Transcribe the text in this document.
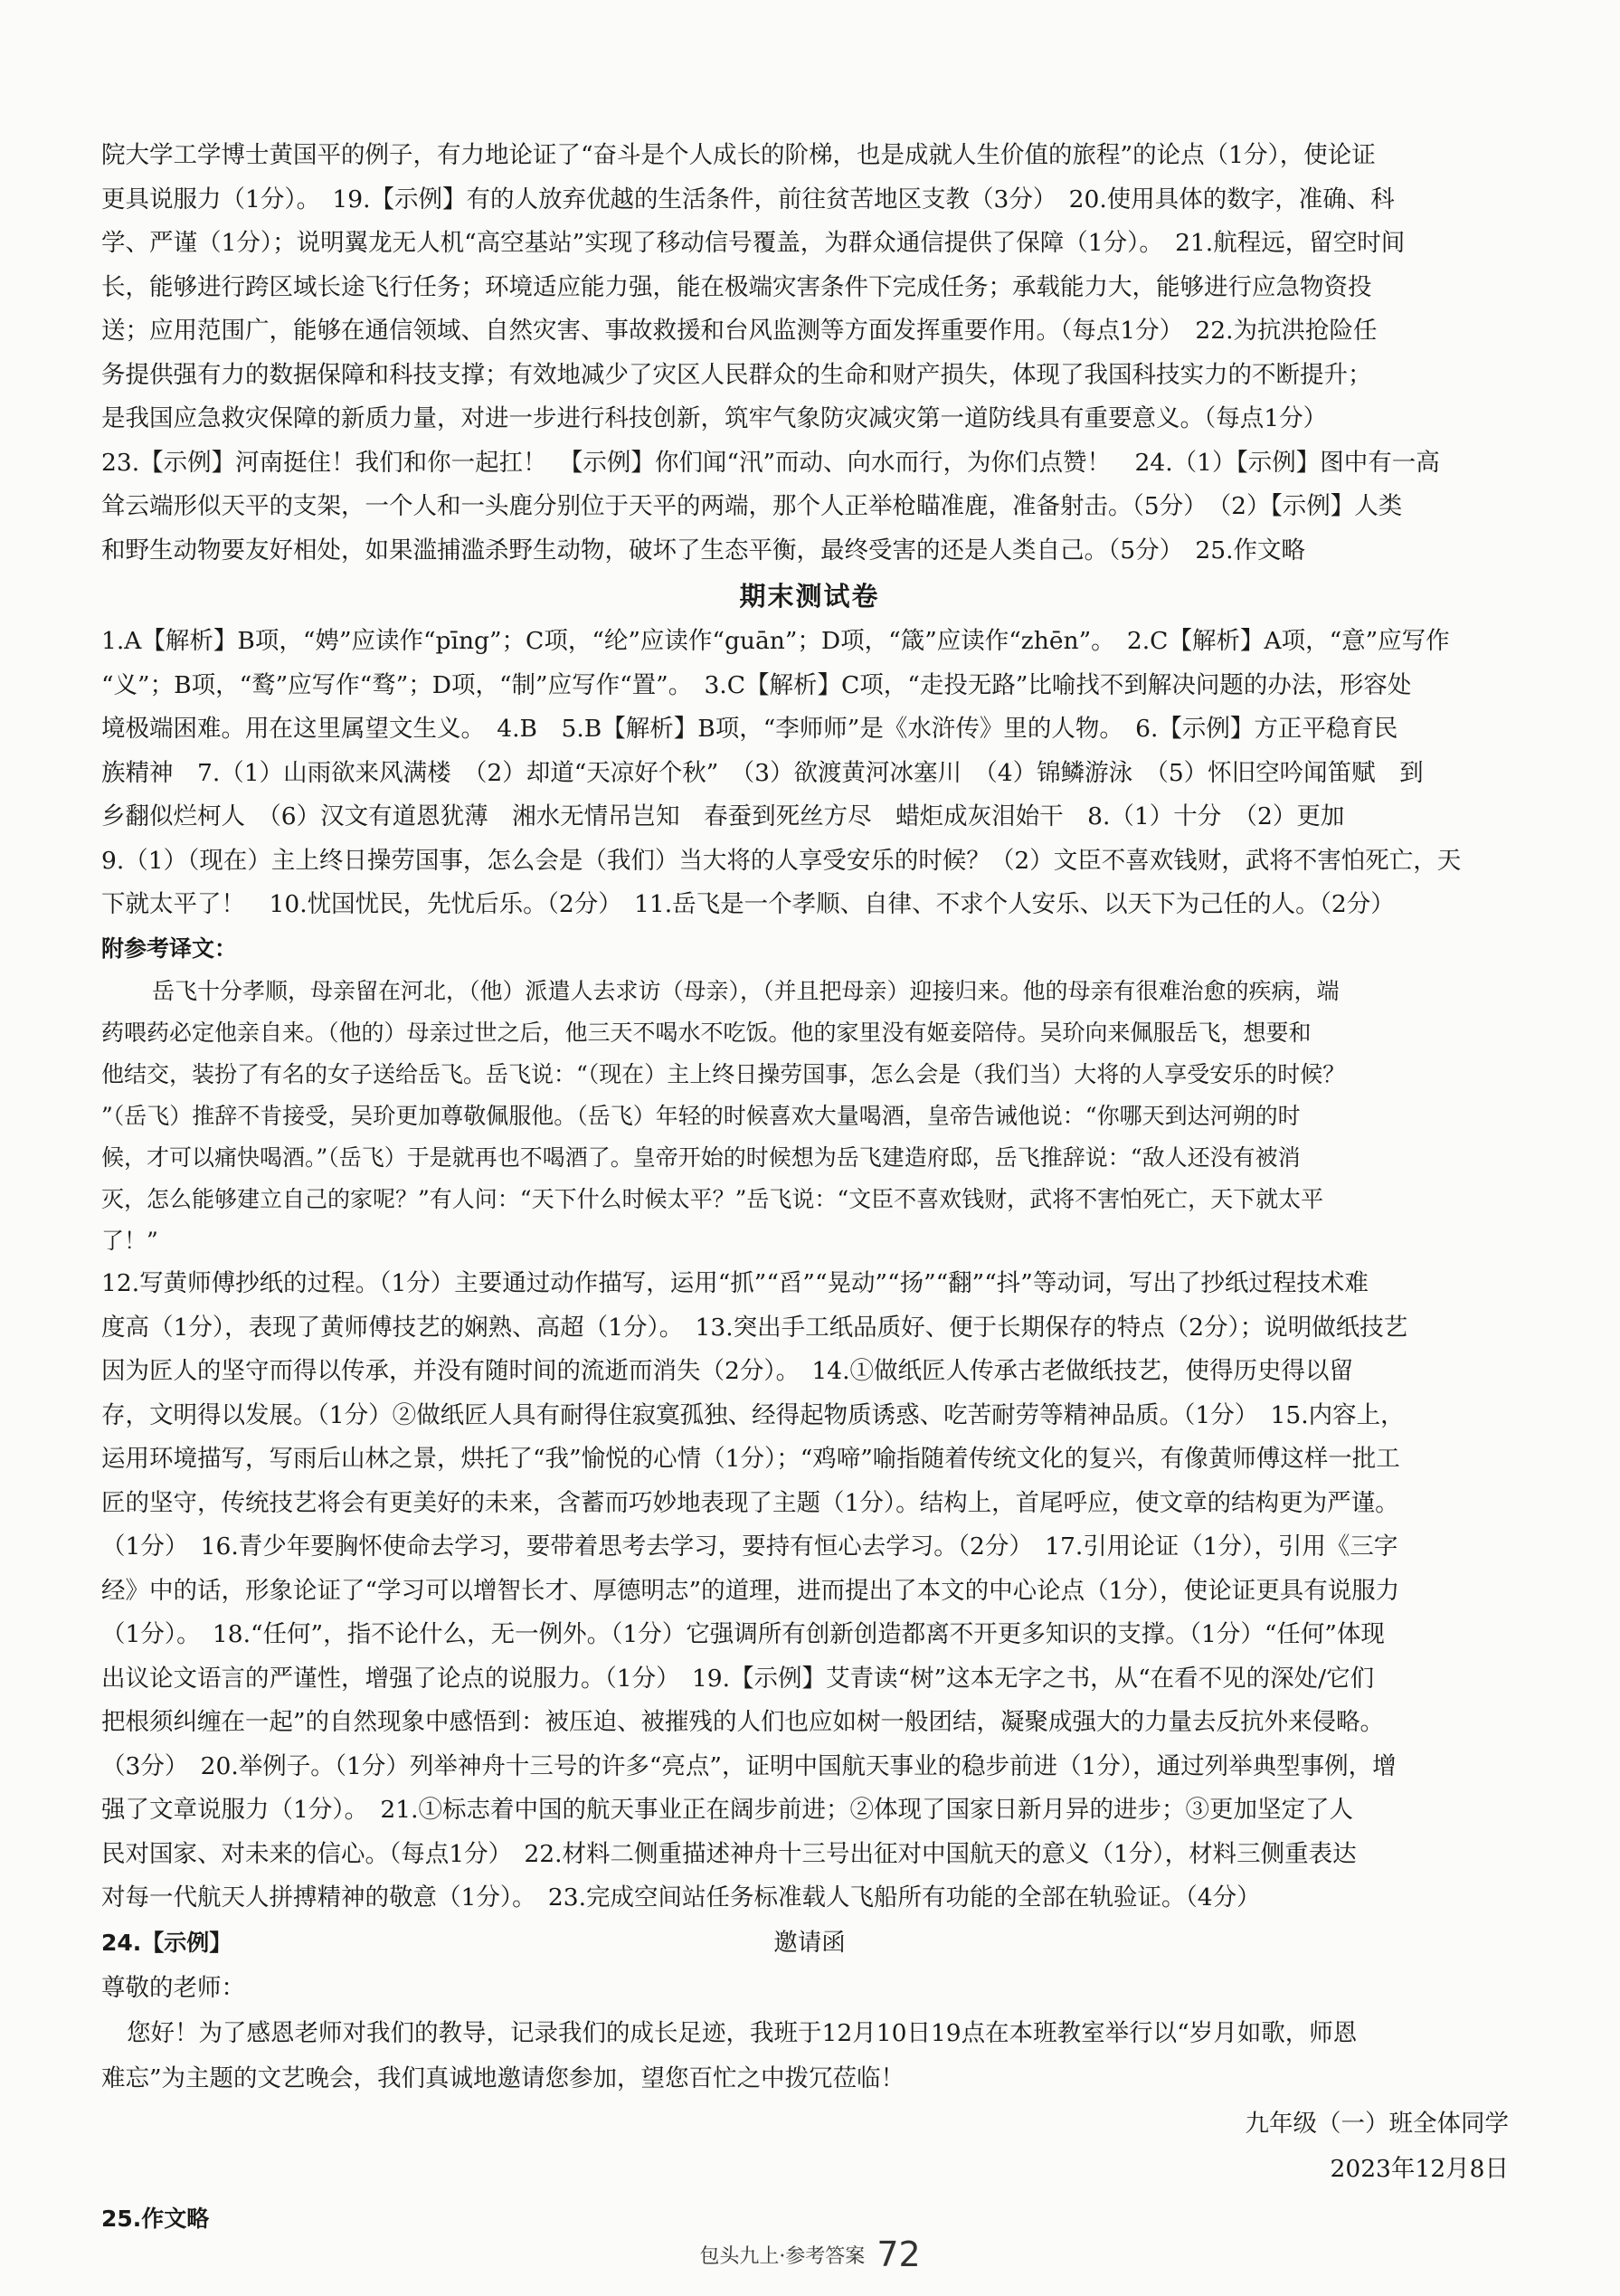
院大学工学博士黄国平的例子，有力地论证了“奋斗是个人成长的阶梯，也是成就人生价值的旅程”的论点（1分），使论证
更具说服力（1分）。　19.【示例】有的人放弃优越的生活条件，前往贫苦地区支教（3分）　20.使用具体的数字，准确、科
学、严谨（1分）；说明翼龙无人机“高空基站”实现了移动信号覆盖，为群众通信提供了保障（1分）。　21.航程远，留空时间
长，能够进行跨区域长途飞行任务；环境适应能力强，能在极端灾害条件下完成任务；承载能力大，能够进行应急物资投
送；应用范围广，能够在通信领域、自然灾害、事故救援和台风监测等方面发挥重要作用。（每点1分）　22.为抗洪抢险任
务提供强有力的数据保障和科技支撑；有效地减少了灾区人民群众的生命和财产损失，体现了我国科技实力的不断提升；
是我国应急救灾保障的新质力量，对进一步进行科技创新，筑牢气象防灾减灾第一道防线具有重要意义。（每点1分）
23.【示例】河南挺住！我们和你一起扛！　【示例】你们闻“汛”而动、向水而行，为你们点赞！　24.（1）【示例】图中有一高
耸云端形似天平的支架，一个人和一头鹿分别位于天平的两端，那个人正举枪瞄准鹿，准备射击。（5分）　（2）【示例】人类
和野生动物要友好相处，如果滥捕滥杀野生动物，破坏了生态平衡，最终受害的还是人类自己。（5分）　25.作文略
期末测试卷
1.A【解析】B项，“娉”应读作“pīng”；C项，“纶”应读作“guān”；D项，“箴”应读作“zhēn”。　2.C【解析】A项，“意”应写作
“义”；B项，“鹜”应写作“骛”；D项，“制”应写作“置”。　3.C【解析】C项，“走投无路”比喻找不到解决问题的办法，形容处
境极端困难。用在这里属望文生义。　4.B　5.B【解析】B项，“李师师”是《水浒传》里的人物。　6.【示例】方正平稳育民
族精神　7.（1）山雨欲来风满楼　（2）却道“天凉好个秋”　（3）欲渡黄河冰塞川　（4）锦鳞游泳　（5）怀旧空吟闻笛赋　到
乡翻似烂柯人　（6）汉文有道恩犹薄　湘水无情吊岂知　春蚕到死丝方尽　蜡炬成灰泪始干　8.（1）十分　（2）更加
9.（1）（现在）主上终日操劳国事，怎么会是（我们）当大将的人享受安乐的时候？（2）文臣不喜欢钱财，武将不害怕死亡，天
下就太平了！　10.忧国忧民，先忧后乐。（2分）　11.岳飞是一个孝顺、自律、不求个人安乐、以天下为己任的人。（2分）
附参考译文：
岳飞十分孝顺，母亲留在河北，（他）派遣人去求访（母亲），（并且把母亲）迎接归来。他的母亲有很难治愈的疾病，端
药喂药必定他亲自来。（他的）母亲过世之后，他三天不喝水不吃饭。他的家里没有姬妾陪侍。吴玠向来佩服岳飞，想要和
他结交，装扮了有名的女子送给岳飞。岳飞说：“（现在）主上终日操劳国事，怎么会是（我们当）大将的人享受安乐的时候？
”（岳飞）推辞不肯接受，吴玠更加尊敬佩服他。（岳飞）年轻的时候喜欢大量喝酒，皇帝告诫他说：“你哪天到达河朔的时
候，才可以痛快喝酒。”（岳飞）于是就再也不喝酒了。皇帝开始的时候想为岳飞建造府邸，岳飞推辞说：“敌人还没有被消
灭，怎么能够建立自己的家呢？”有人问：“天下什么时候太平？”岳飞说：“文臣不喜欢钱财，武将不害怕死亡，天下就太平
了！”
12.写黄师傅抄纸的过程。（1分）主要通过动作描写，运用“抓”“舀”“晃动”“扬”“翻”“抖”等动词，写出了抄纸过程技术难
度高（1分），表现了黄师傅技艺的娴熟、高超（1分）。　13.突出手工纸品质好、便于长期保存的特点（2分）；说明做纸技艺
因为匠人的坚守而得以传承，并没有随时间的流逝而消失（2分）。　14.①做纸匠人传承古老做纸技艺，使得历史得以留
存，文明得以发展。（1分）②做纸匠人具有耐得住寂寞孤独、经得起物质诱惑、吃苦耐劳等精神品质。（1分）　15.内容上，
运用环境描写，写雨后山林之景，烘托了“我”愉悦的心情（1分）；“鸡啼”喻指随着传统文化的复兴，有像黄师傅这样一批工
匠的坚守，传统技艺将会有更美好的未来，含蓄而巧妙地表现了主题（1分）。结构上，首尾呼应，使文章的结构更为严谨。
（1分）　16.青少年要胸怀使命去学习，要带着思考去学习，要持有恒心去学习。（2分）　17.引用论证（1分），引用《三字
经》中的话，形象论证了“学习可以增智长才、厚德明志”的道理，进而提出了本文的中心论点（1分），使论证更具有说服力
（1分）。　18.“任何”，指不论什么，无一例外。（1分）它强调所有创新创造都离不开更多知识的支撑。（1分）“任何”体现
出议论文语言的严谨性，增强了论点的说服力。（1分）　19.【示例】艾青读“树”这本无字之书，从“在看不见的深处/它们
把根须纠缠在一起”的自然现象中感悟到：被压迫、被摧残的人们也应如树一般团结，凝聚成强大的力量去反抗外来侵略。
（3分）　20.举例子。（1分）列举神舟十三号的许多“亮点”，证明中国航天事业的稳步前进（1分），通过列举典型事例，增
强了文章说服力（1分）。　21.①标志着中国的航天事业正在阔步前进；②体现了国家日新月异的进步；③更加坚定了人
民对国家、对未来的信心。（每点1分）　22.材料二侧重描述神舟十三号出征对中国航天的意义（1分），材料三侧重表达
对每一代航天人拼搏精神的敬意（1分）。　23.完成空间站任务标准载人飞船所有功能的全部在轨验证。（4分）
24.【示例】	邀请函
尊敬的老师：
您好！为了感恩老师对我们的教导，记录我们的成长足迹，我班于12月10日19点在本班教室举行以“岁月如歌，师恩
难忘”为主题的文艺晚会，我们真诚地邀请您参加，望您百忙之中拨冗莅临！
九年级（一）班全体同学
2023年12月8日
25.作文略
包头九上·参考答案 72
